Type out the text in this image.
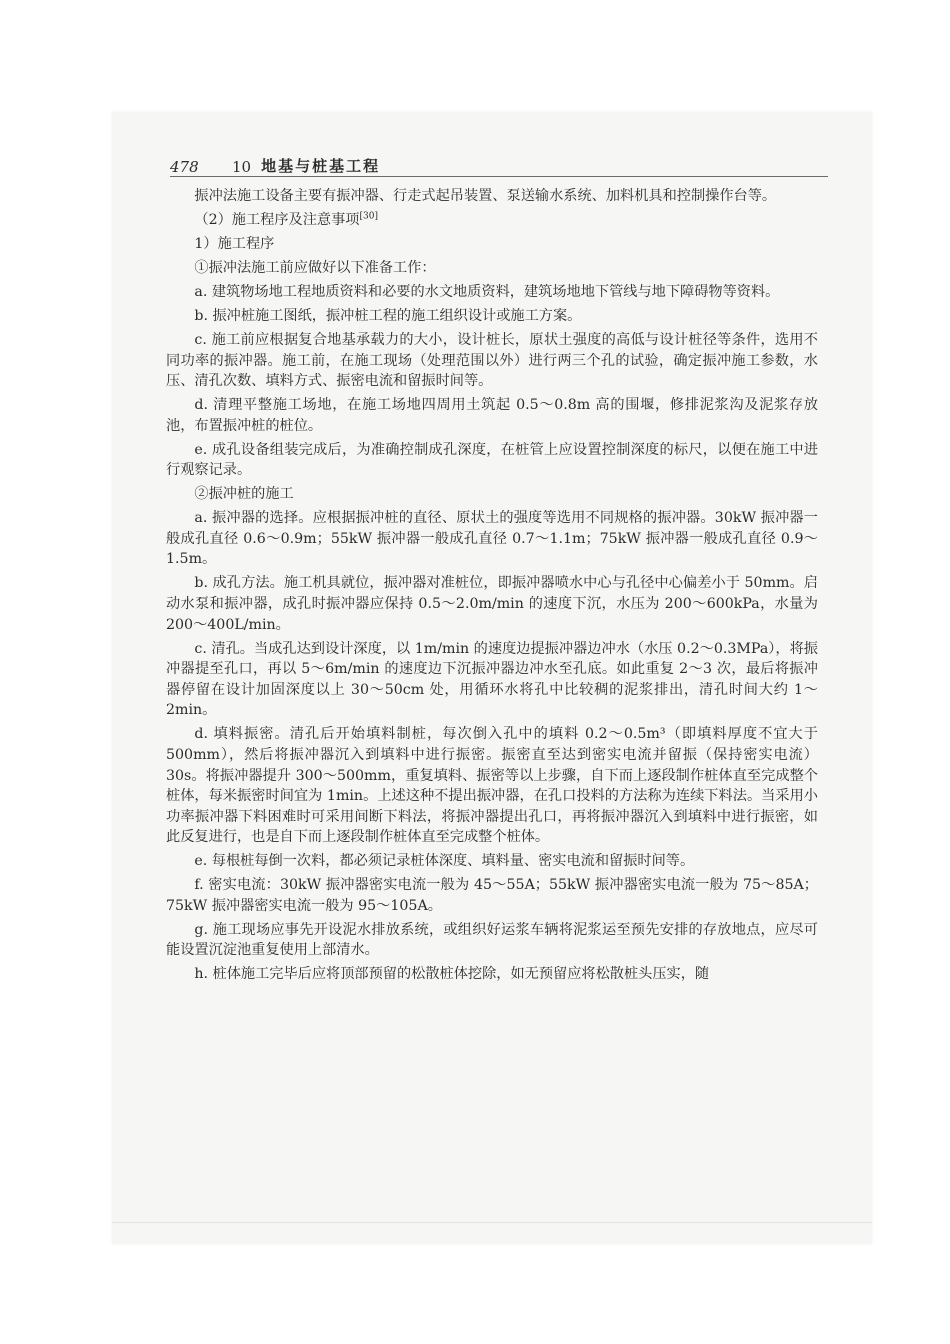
478	10 地基与桩基工程

振冲法施工设备主要有振冲器、行走式起吊装置、泵送输水系统、加料机具和控制操作台等。

（2）施工程序及注意事项[30]

1）施工程序

①振冲法施工前应做好以下准备工作：

a. 建筑物场地工程地质资料和必要的水文地质资料，建筑场地地下管线与地下障碍物等资料。

b. 振冲桩施工图纸，振冲桩工程的施工组织设计或施工方案。

c. 施工前应根据复合地基承载力的大小，设计桩长，原状土强度的高低与设计桩径等条件，选用不同功率的振冲器。施工前，在施工现场（处理范围以外）进行两三个孔的试验，确定振冲施工参数，水压、清孔次数、填料方式、振密电流和留振时间等。

d. 清理平整施工场地，在施工场地四周用土筑起 0.5～0.8m 高的围堰，修排泥浆沟及泥浆存放池，布置振冲桩的桩位。

e. 成孔设备组装完成后，为准确控制成孔深度，在桩管上应设置控制深度的标尺，以便在施工中进行观察记录。

②振冲桩的施工

a. 振冲器的选择。应根据振冲桩的直径、原状土的强度等选用不同规格的振冲器。30kW 振冲器一般成孔直径 0.6～0.9m；55kW 振冲器一般成孔直径 0.7～1.1m；75kW 振冲器一般成孔直径 0.9～1.5m。

b. 成孔方法。施工机具就位，振冲器对准桩位，即振冲器喷水中心与孔径中心偏差小于 50mm。启动水泵和振冲器，成孔时振冲器应保持 0.5～2.0m/min 的速度下沉，水压为 200～600kPa，水量为 200～400L/min。

c. 清孔。当成孔达到设计深度，以 1m/min 的速度边提振冲器边冲水（水压 0.2～0.3MPa），将振冲器提至孔口，再以 5～6m/min 的速度边下沉振冲器边冲水至孔底。如此重复 2～3 次，最后将振冲器停留在设计加固深度以上 30～50cm 处，用循环水将孔中比较稠的泥浆排出，清孔时间大约 1～2min。

d. 填料振密。清孔后开始填料制桩，每次倒入孔中的填料 0.2～0.5m³（即填料厚度不宜大于 500mm），然后将振冲器沉入到填料中进行振密。振密直至达到密实电流并留振（保持密实电流）30s。将振冲器提升 300～500mm，重复填料、振密等以上步骤，自下而上逐段制作桩体直至完成整个桩体，每米振密时间宜为 1min。上述这种不提出振冲器，在孔口投料的方法称为连续下料法。当采用小功率振冲器下料困难时可采用间断下料法，将振冲器提出孔口，再将振冲器沉入到填料中进行振密，如此反复进行，也是自下而上逐段制作桩体直至完成整个桩体。

e. 每根桩每倒一次料，都必须记录桩体深度、填料量、密实电流和留振时间等。

f. 密实电流：30kW 振冲器密实电流一般为 45～55A；55kW 振冲器密实电流一般为 75～85A；75kW 振冲器密实电流一般为 95～105A。

g. 施工现场应事先开设泥水排放系统，或组织好运浆车辆将泥浆运至预先安排的存放地点，应尽可能设置沉淀池重复使用上部清水。

h. 桩体施工完毕后应将顶部预留的松散桩体挖除，如无预留应将松散桩头压实，随
